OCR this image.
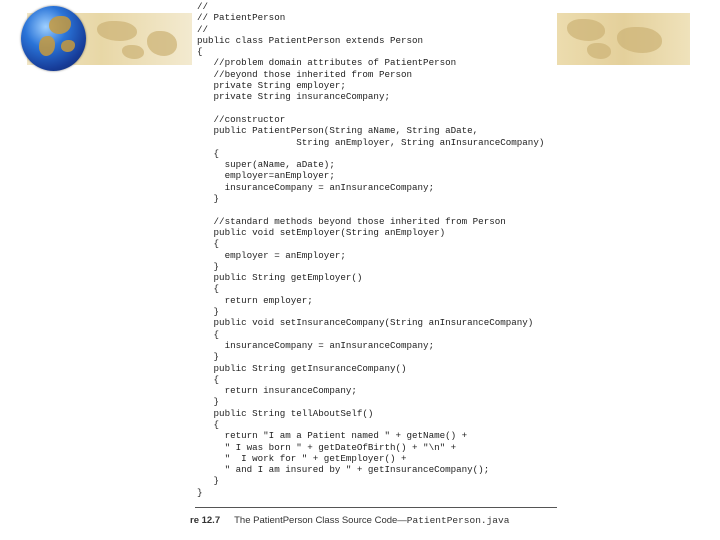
//
// PatientPerson
//
public class PatientPerson extends Person
{
//problem domain attributes of PatientPerson
//beyond those inherited from Person
private String employer;
private String insuranceCompany;
//constructor
public PatientPerson(String aName, String aDate,
String anEmployer, String anInsuranceCompany)
{
super(aName, aDate);
employer=anEmployer;
insuranceCompany = anInsuranceCompany;
}
//standard methods beyond those inherited from Person
public void setEmployer(String anEmployer)
{
employer = anEmployer;
}
public String getEmployer()
{
return employer;
}
public void setInsuranceCompany(String anInsuranceCompany)
{
insuranceCompany = anInsuranceCompany;
}
public String getInsuranceCompany()
{
return insuranceCompany;
}
public String tellAboutSelf()
{
return "I am a Patient named " + getName() +
" I was born " + getDateOfBirth() + "\n" +
"  I work for " + getEmployer() +
" and I am insured by " + getInsuranceCompany();
}
}
re 12.7 The PatientPerson Class Source Code—PatientPerson.java
